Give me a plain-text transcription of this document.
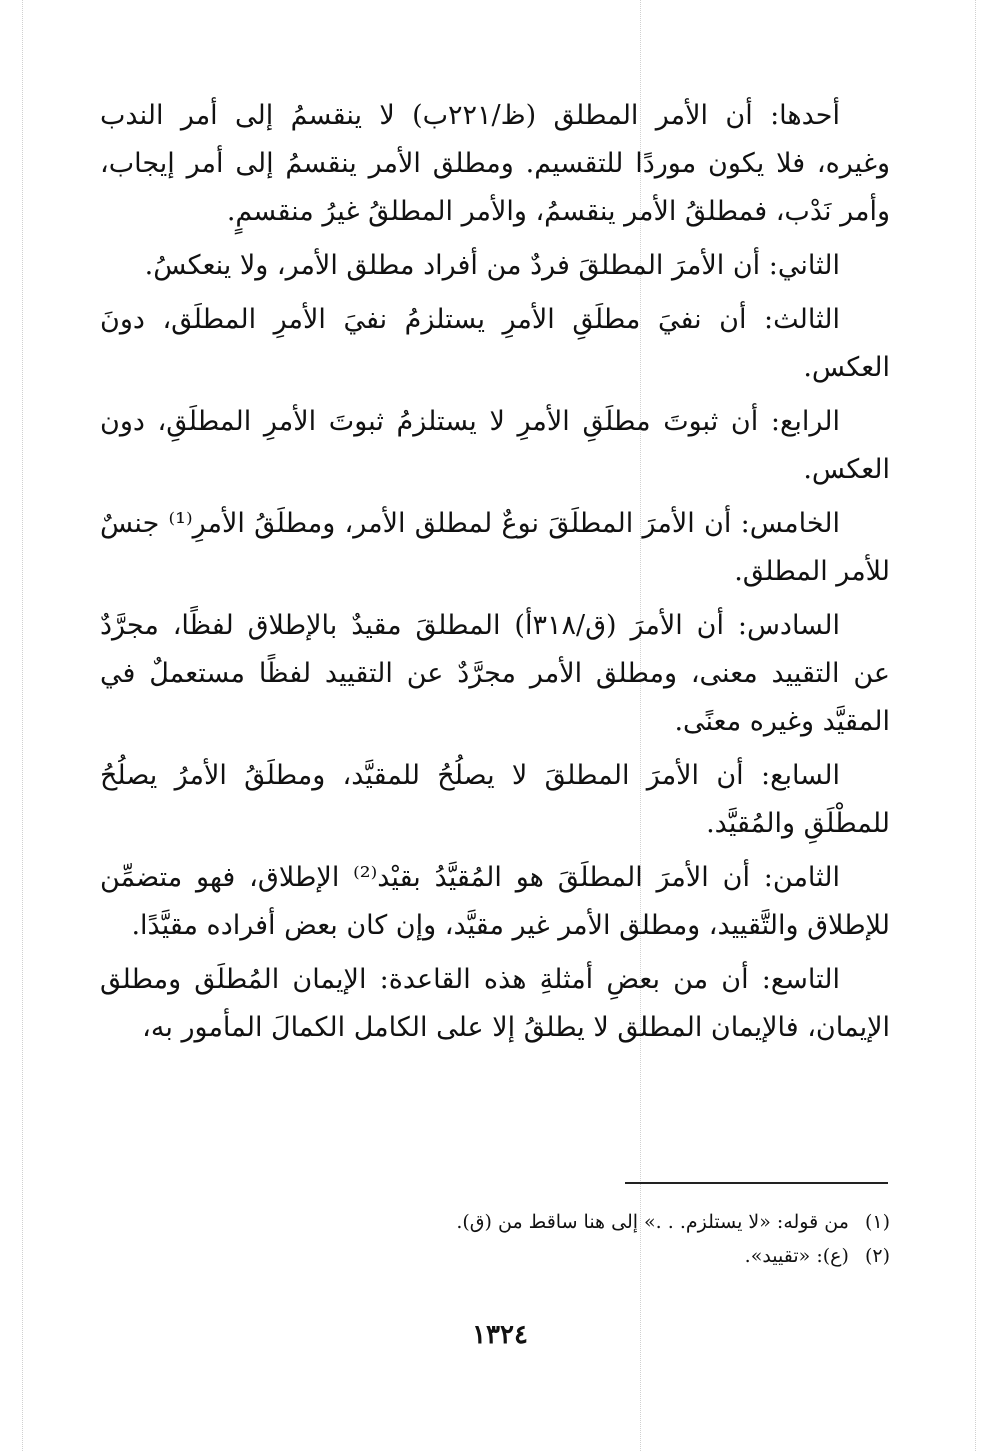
أحدها: أن الأمر المطلق (ظ/٢٢١ب) لا ينقسمُ إلى أمر الندب وغيره، فلا يكون موردًا للتقسيم. ومطلق الأمر ينقسمُ إلى أمر إيجاب، وأمر نَدْب، فمطلقُ الأمر ينقسمُ، والأمر المطلقُ غيرُ منقسمٍ.

الثاني: أن الأمرَ المطلقَ فردٌ من أفراد مطلق الأمر، ولا ينعكسُ.

الثالث: أن نفيَ مطلَقِ الأمرِ يستلزمُ نفيَ الأمرِ المطلَق، دونَ العكس.

الرابع: أن ثبوتَ مطلَقِ الأمرِ لا يستلزمُ ثبوتَ الأمرِ المطلَقِ، دون العكس.

الخامس: أن الأمرَ المطلَقَ نوعٌ لمطلق الأمر، ومطلَقُ الأمرِ⁽¹⁾ جنسٌ للأمر المطلق.

السادس: أن الأمرَ (ق/٣١٨أ) المطلقَ مقيدٌ بالإطلاق لفظًا، مجرَّدٌ عن التقييد معنى، ومطلق الأمر مجرَّدٌ عن التقييد لفظًا مستعملٌ في المقيَّد وغيره معنًى.

السابع: أن الأمرَ المطلقَ لا يصلُحُ للمقيَّد، ومطلَقُ الأمرُ يصلُحُ للمطْلَقِ والمُقيَّد.

الثامن: أن الأمرَ المطلَقَ هو المُقيَّدُ بقيْد⁽²⁾ الإطلاق، فهو متضمِّن للإطلاق والتَّقييد، ومطلق الأمر غير مقيَّد، وإن كان بعض أفراده مقيَّدًا.

التاسع: أن من بعضِ أمثلةِ هذه القاعدة: الإيمان المُطلَق ومطلق الإيمان، فالإيمان المطلق لا يطلقُ إلا على الكامل الكمالَ المأمور به،

(١) من قوله: «لا يستلزم. . .» إلى هنا ساقط من (ق).

(٢) (ع): «تقييد».

١٣٢٤
